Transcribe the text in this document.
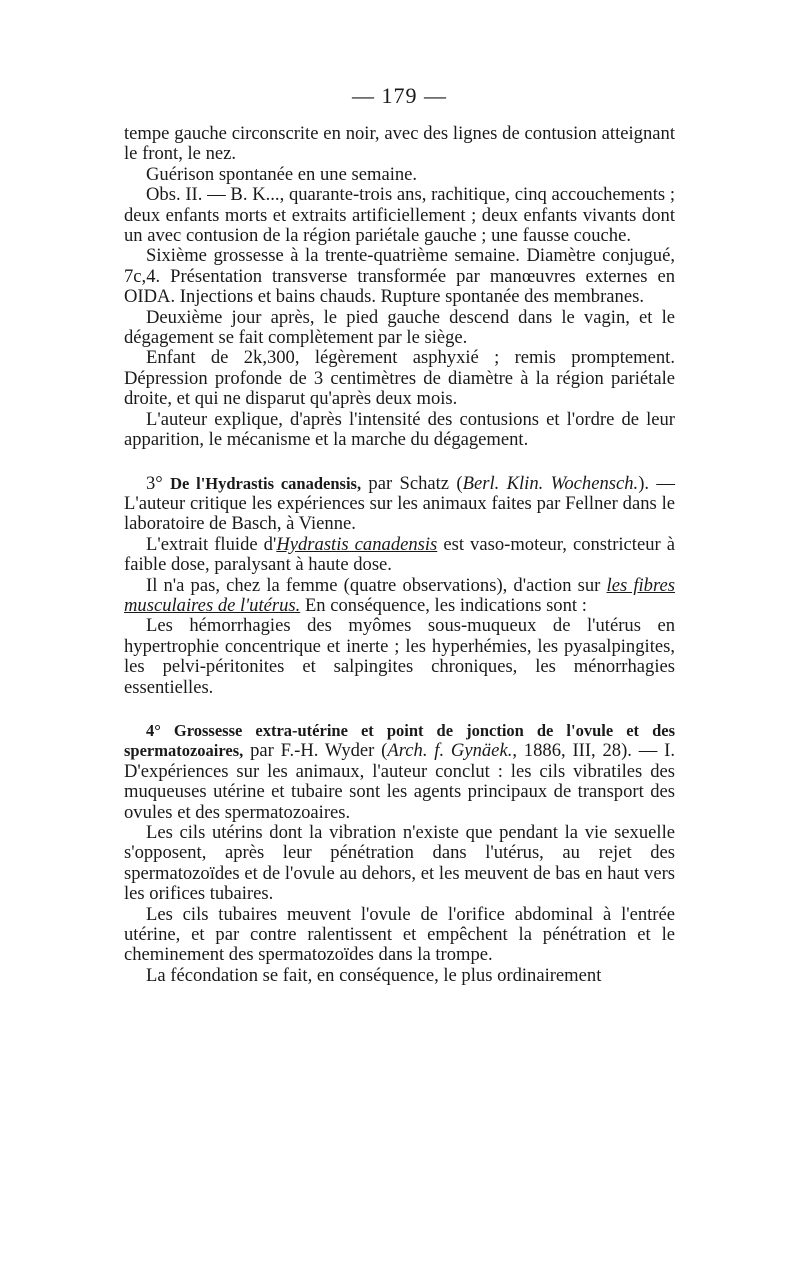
— 179 —

tempe gauche circonscrite en noir, avec des lignes de contusion atteignant le front, le nez.

Guérison spontanée en une semaine.

Obs. II. — B. K..., quarante-trois ans, rachitique, cinq accouchements ; deux enfants morts et extraits artificiellement ; deux enfants vivants dont un avec contusion de la région pariétale gauche ; une fausse couche.

Sixième grossesse à la trente-quatrième semaine. Diamètre conjugué, 7c,4. Présentation transverse transformée par manœuvres externes en OIDA. Injections et bains chauds. Rupture spontanée des membranes.

Deuxième jour après, le pied gauche descend dans le vagin, et le dégagement se fait complètement par le siège.

Enfant de 2k,300, légèrement asphyxié ; remis promptement. Dépression profonde de 3 centimètres de diamètre à la région pariétale droite, et qui ne disparut qu'après deux mois.

L'auteur explique, d'après l'intensité des contusions et l'ordre de leur apparition, le mécanisme et la marche du dégagement.

3° De l'Hydrastis canadensis, par Schatz (Berl. Klin. Wochensch.). — L'auteur critique les expériences sur les animaux faites par Fellner dans le laboratoire de Basch, à Vienne.

L'extrait fluide d'Hydrastis canadensis est vaso-moteur, constricteur à faible dose, paralysant à haute dose.

Il n'a pas, chez la femme (quatre observations), d'action sur les fibres musculaires de l'utérus. En conséquence, les indications sont :

Les hémorrhagies des myômes sous-muqueux de l'utérus en hypertrophie concentrique et inerte ; les hyperhémies, les pyasalpingites, les pelvi-péritonites et salpingites chroniques, les ménorrhagies essentielles.

4° Grossesse extra-utérine et point de jonction de l'ovule et des spermatozoaires, par F.-H. Wyder (Arch. f. Gynäek., 1886, III, 28). — I. D'expériences sur les animaux, l'auteur conclut : les cils vibratiles des muqueuses utérine et tubaire sont les agents principaux de transport des ovules et des spermatozoaires.

Les cils utérins dont la vibration n'existe que pendant la vie sexuelle s'opposent, après leur pénétration dans l'utérus, au rejet des spermatozoïdes et de l'ovule au dehors, et les meuvent de bas en haut vers les orifices tubaires.

Les cils tubaires meuvent l'ovule de l'orifice abdominal à l'entrée utérine, et par contre ralentissent et empêchent la pénétration et le cheminement des spermatozoïdes dans la trompe.

La fécondation se fait, en conséquence, le plus ordinairement
